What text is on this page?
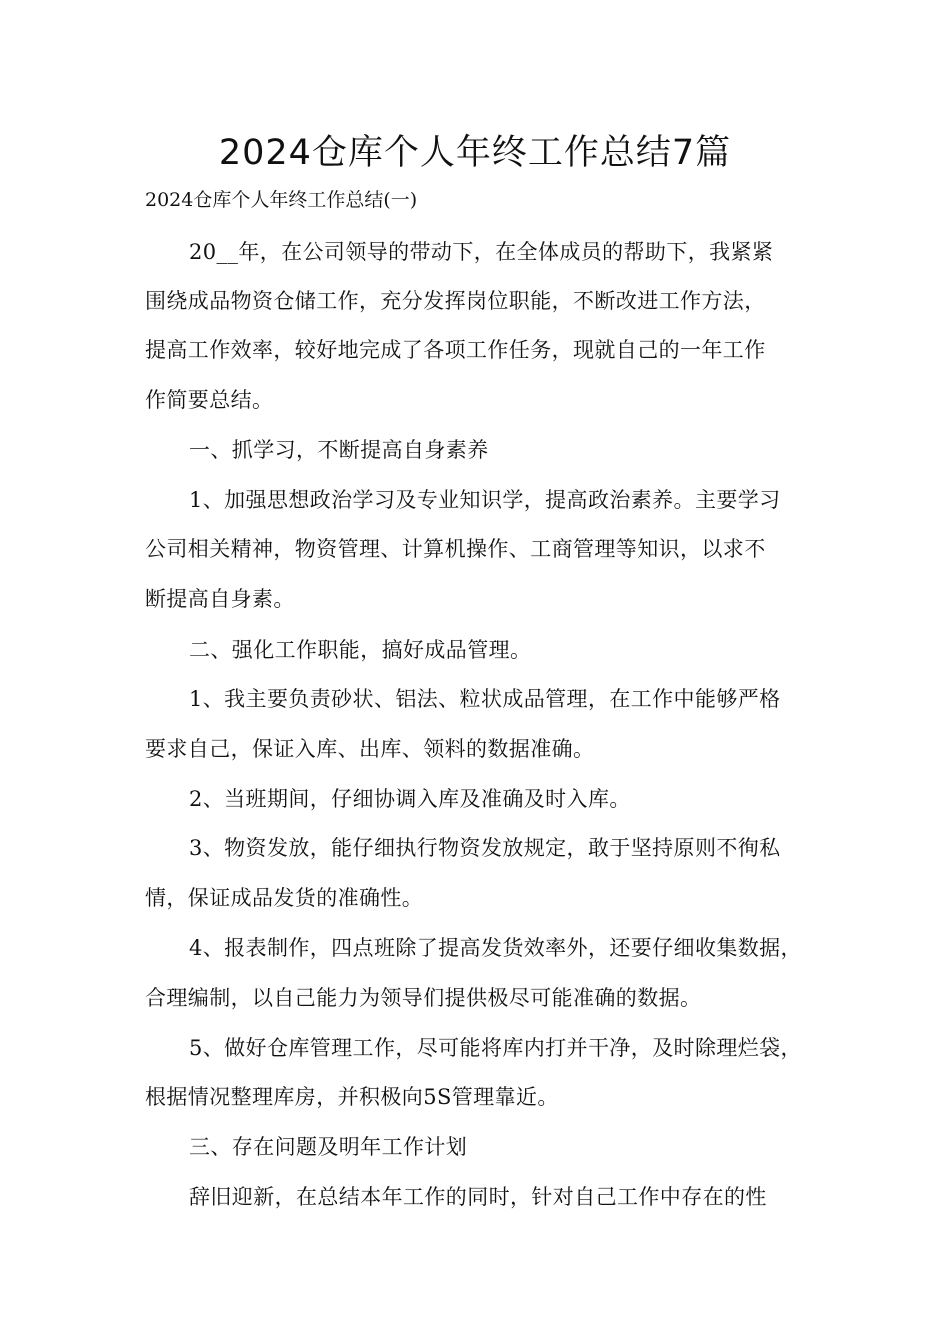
2024仓库个人年终工作总结7篇
2024仓库个人年终工作总结(一)
20__年，在公司领导的带动下，在全体成员的帮助下，我紧紧
围绕成品物资仓储工作，充分发挥岗位职能，不断改进工作方法，
提高工作效率，较好地完成了各项工作任务，现就自己的一年工作
作简要总结。
一、抓学习，不断提高自身素养
1、加强思想政治学习及专业知识学，提高政治素养。主要学习
公司相关精神，物资管理、计算机操作、工商管理等知识，以求不
断提高自身素。
二、强化工作职能，搞好成品管理。
1、我主要负责砂状、铝法、粒状成品管理，在工作中能够严格
要求自己，保证入库、出库、领料的数据准确。
2、当班期间，仔细协调入库及准确及时入库。
3、物资发放，能仔细执行物资发放规定，敢于坚持原则不徇私
情，保证成品发货的准确性。
4、报表制作，四点班除了提高发货效率外，还要仔细收集数据，
合理编制，以自己能力为领导们提供极尽可能准确的数据。
5、做好仓库管理工作，尽可能将库内打并干净，及时除理烂袋，
根据情况整理库房，并积极向5S管理靠近。
三、存在问题及明年工作计划
辞旧迎新，在总结本年工作的同时，针对自己工作中存在的性
